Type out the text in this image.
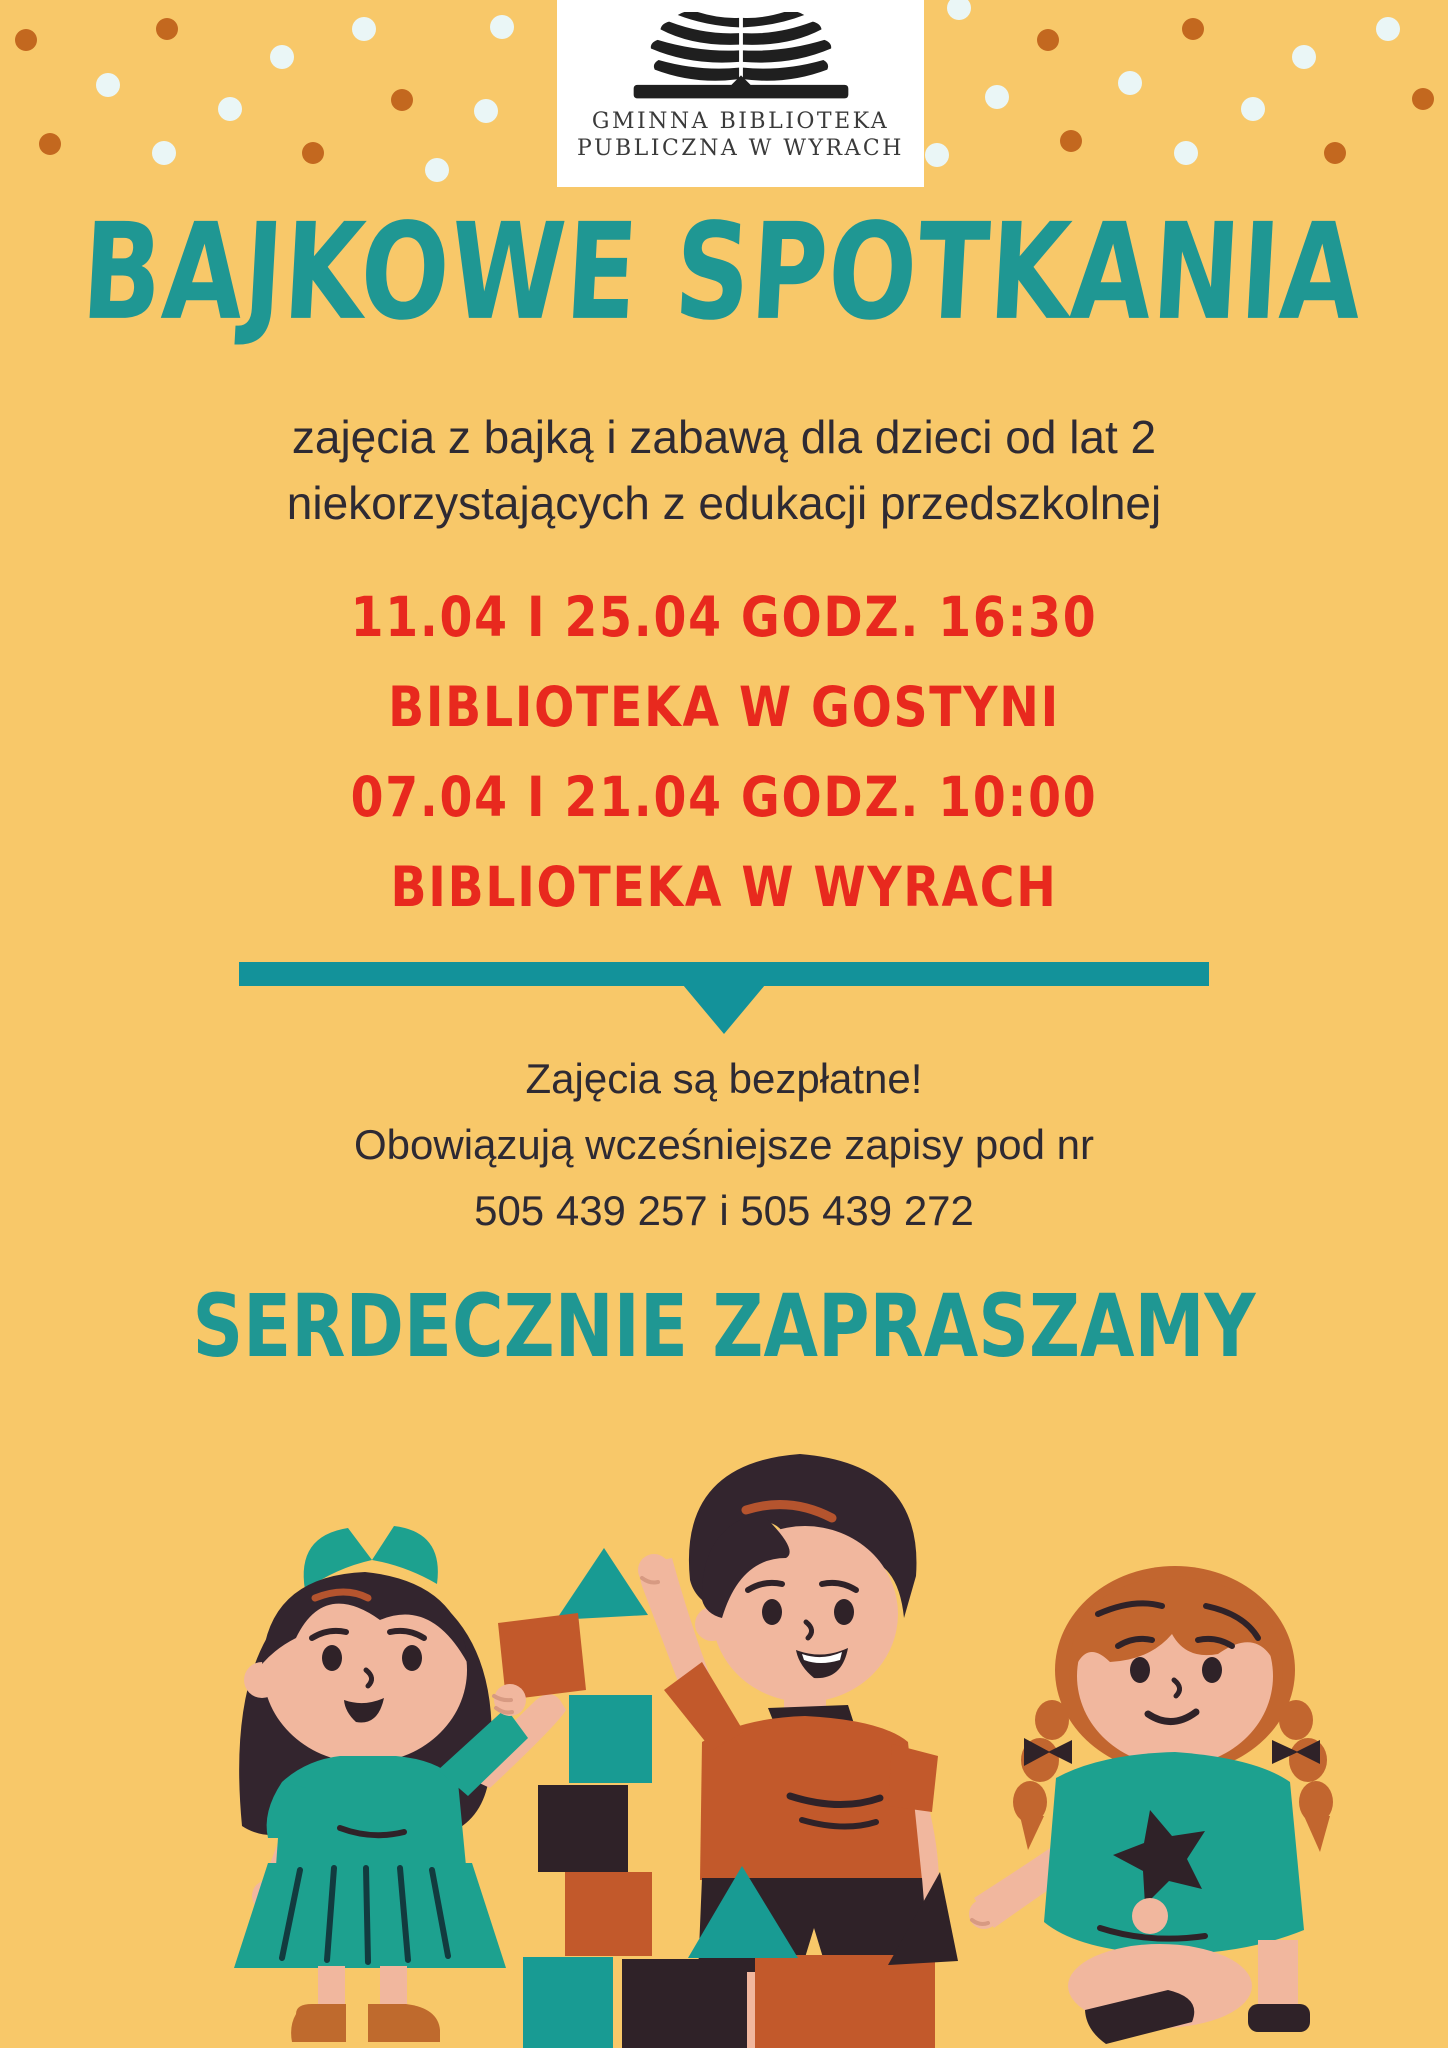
GMINNA BIBLIOTEKA
PUBLICZNA W WYRACH
BAJKOWE SPOTKANIA
zajęcia z bajką i zabawą dla dzieci od lat 2
niekorzystających z edukacji przedszkolnej
11.04 I 25.04 GODZ. 16:30
BIBLIOTEKA W GOSTYNI
07.04 I 21.04 GODZ. 10:00
BIBLIOTEKA W WYRACH
Zajęcia są bezpłatne!
Obowiązują wcześniejsze zapisy pod nr
505 439 257 i 505 439 272
SERDECZNIE ZAPRASZAMY
